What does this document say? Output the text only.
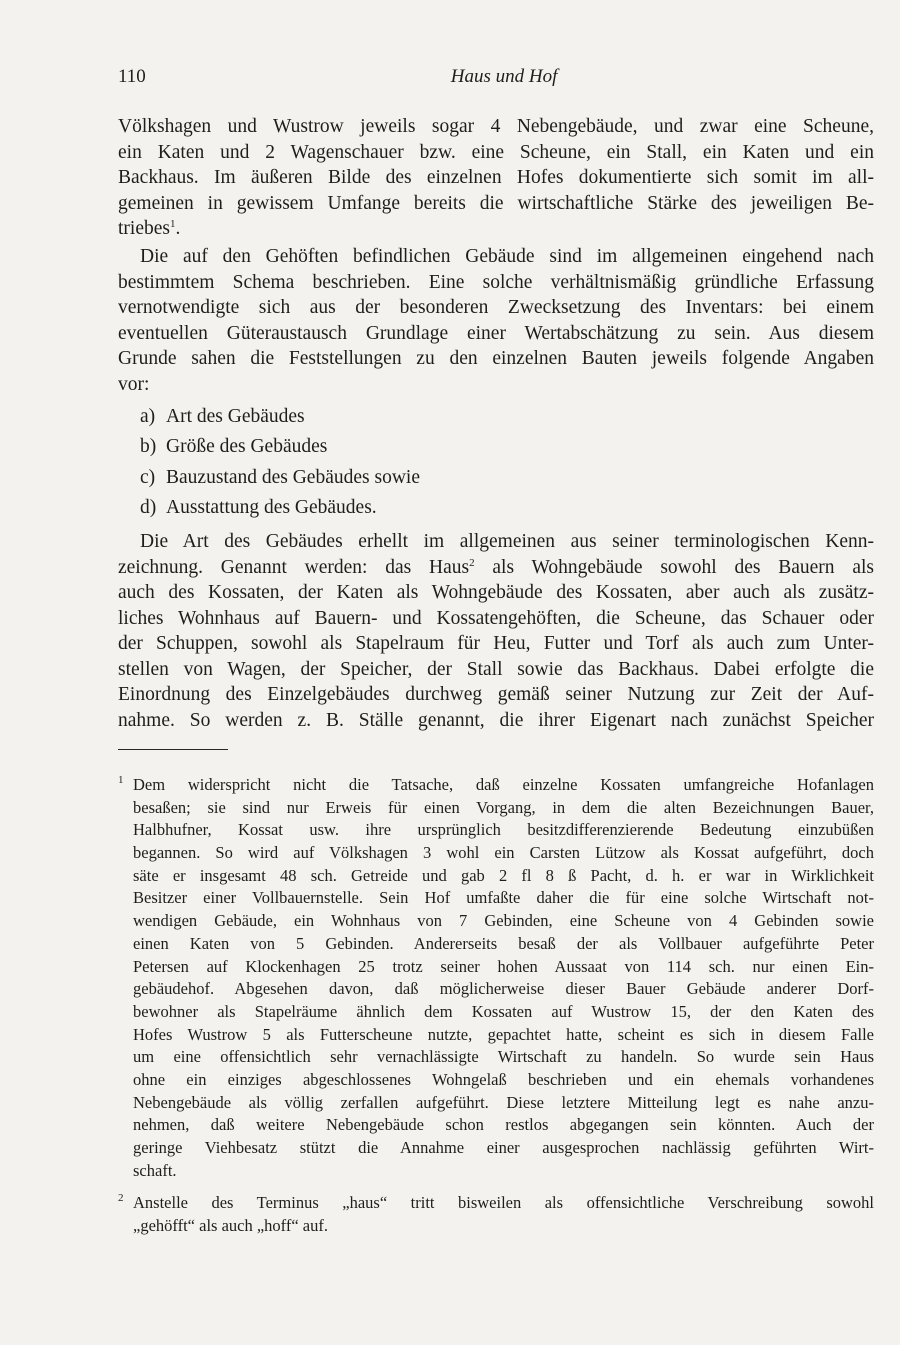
110	Haus und Hof
Völkshagen und Wustrow jeweils sogar 4 Nebengebäude, und zwar eine Scheune,
ein Katen und 2 Wagenschauer bzw. eine Scheune, ein Stall, ein Katen und ein
Backhaus. Im äußeren Bilde des einzelnen Hofes dokumentierte sich somit im all-
gemeinen in gewissem Umfange bereits die wirtschaftliche Stärke des jeweiligen Be-
triebes$^1$.
Die auf den Gehöften befindlichen Gebäude sind im allgemeinen eingehend nach
bestimmtem Schema beschrieben. Eine solche verhältnismäßig gründliche Erfassung
vernotwendigte sich aus der besonderen Zwecksetzung des Inventars: bei einem
eventuellen Güteraustausch Grundlage einer Wertabschätzung zu sein. Aus diesem
Grunde sahen die Feststellungen zu den einzelnen Bauten jeweils folgende Angaben
vor:
a) Art des Gebäudes
b) Größe des Gebäudes
c) Bauzustand des Gebäudes sowie
d) Ausstattung des Gebäudes.
Die Art des Gebäudes erhellt im allgemeinen aus seiner terminologischen Kenn-
zeichnung. Genannt werden: das Haus$^2$ als Wohngebäude sowohl des Bauern als
auch des Kossaten, der Katen als Wohngebäude des Kossaten, aber auch als zusätz-
liches Wohnhaus auf Bauern- und Kossatengehöften, die Scheune, das Schauer oder
der Schuppen, sowohl als Stapelraum für Heu, Futter und Torf als auch zum Unter-
stellen von Wagen, der Speicher, der Stall sowie das Backhaus. Dabei erfolgte die
Einordnung des Einzelgebäudes durchweg gemäß seiner Nutzung zur Zeit der Auf-
nahme. So werden z. B. Ställe genannt, die ihrer Eigenart nach zunächst Speicher
1 Dem widerspricht nicht die Tatsache, daß einzelne Kossaten umfangreiche Hofanlagen
besaßen; sie sind nur Erweis für einen Vorgang, in dem die alten Bezeichnungen Bauer,
Halbhufner, Kossat usw. ihre ursprünglich besitzdifferenzierende Bedeutung einzubüßen
begannen. So wird auf Völkshagen 3 wohl ein Carsten Lützow als Kossat aufgeführt, doch
säte er insgesamt 48 sch. Getreide und gab 2 fl 8 ß Pacht, d. h. er war in Wirklichkeit
Besitzer einer Vollbauernstelle. Sein Hof umfaßte daher die für eine solche Wirtschaft not-
wendigen Gebäude, ein Wohnhaus von 7 Gebinden, eine Scheune von 4 Gebinden sowie
einen Katen von 5 Gebinden. Andererseits besaß der als Vollbauer aufgeführte Peter
Petersen auf Klockenhagen 25 trotz seiner hohen Aussaat von 114 sch. nur einen Ein-
gebäudehof. Abgesehen davon, daß möglicherweise dieser Bauer Gebäude anderer Dorf-
bewohner als Stapelräume ähnlich dem Kossaten auf Wustrow 15, der den Katen des
Hofes Wustrow 5 als Futterscheune nutzte, gepachtet hatte, scheint es sich in diesem Falle
um eine offensichtlich sehr vernachlässigte Wirtschaft zu handeln. So wurde sein Haus
ohne ein einziges abgeschlossenes Wohngelaß beschrieben und ein ehemals vorhandenes
Nebengebäude als völlig zerfallen aufgeführt. Diese letztere Mitteilung legt es nahe anzu-
nehmen, daß weitere Nebengebäude schon restlos abgegangen sein könnten. Auch der
geringe Viehbesatz stützt die Annahme einer ausgesprochen nachlässig geführten Wirt-
schaft.
2 Anstelle des Terminus „haus“ tritt bisweilen als offensichtliche Verschreibung sowohl
„gehöfft“ als auch „hoff“ auf.
